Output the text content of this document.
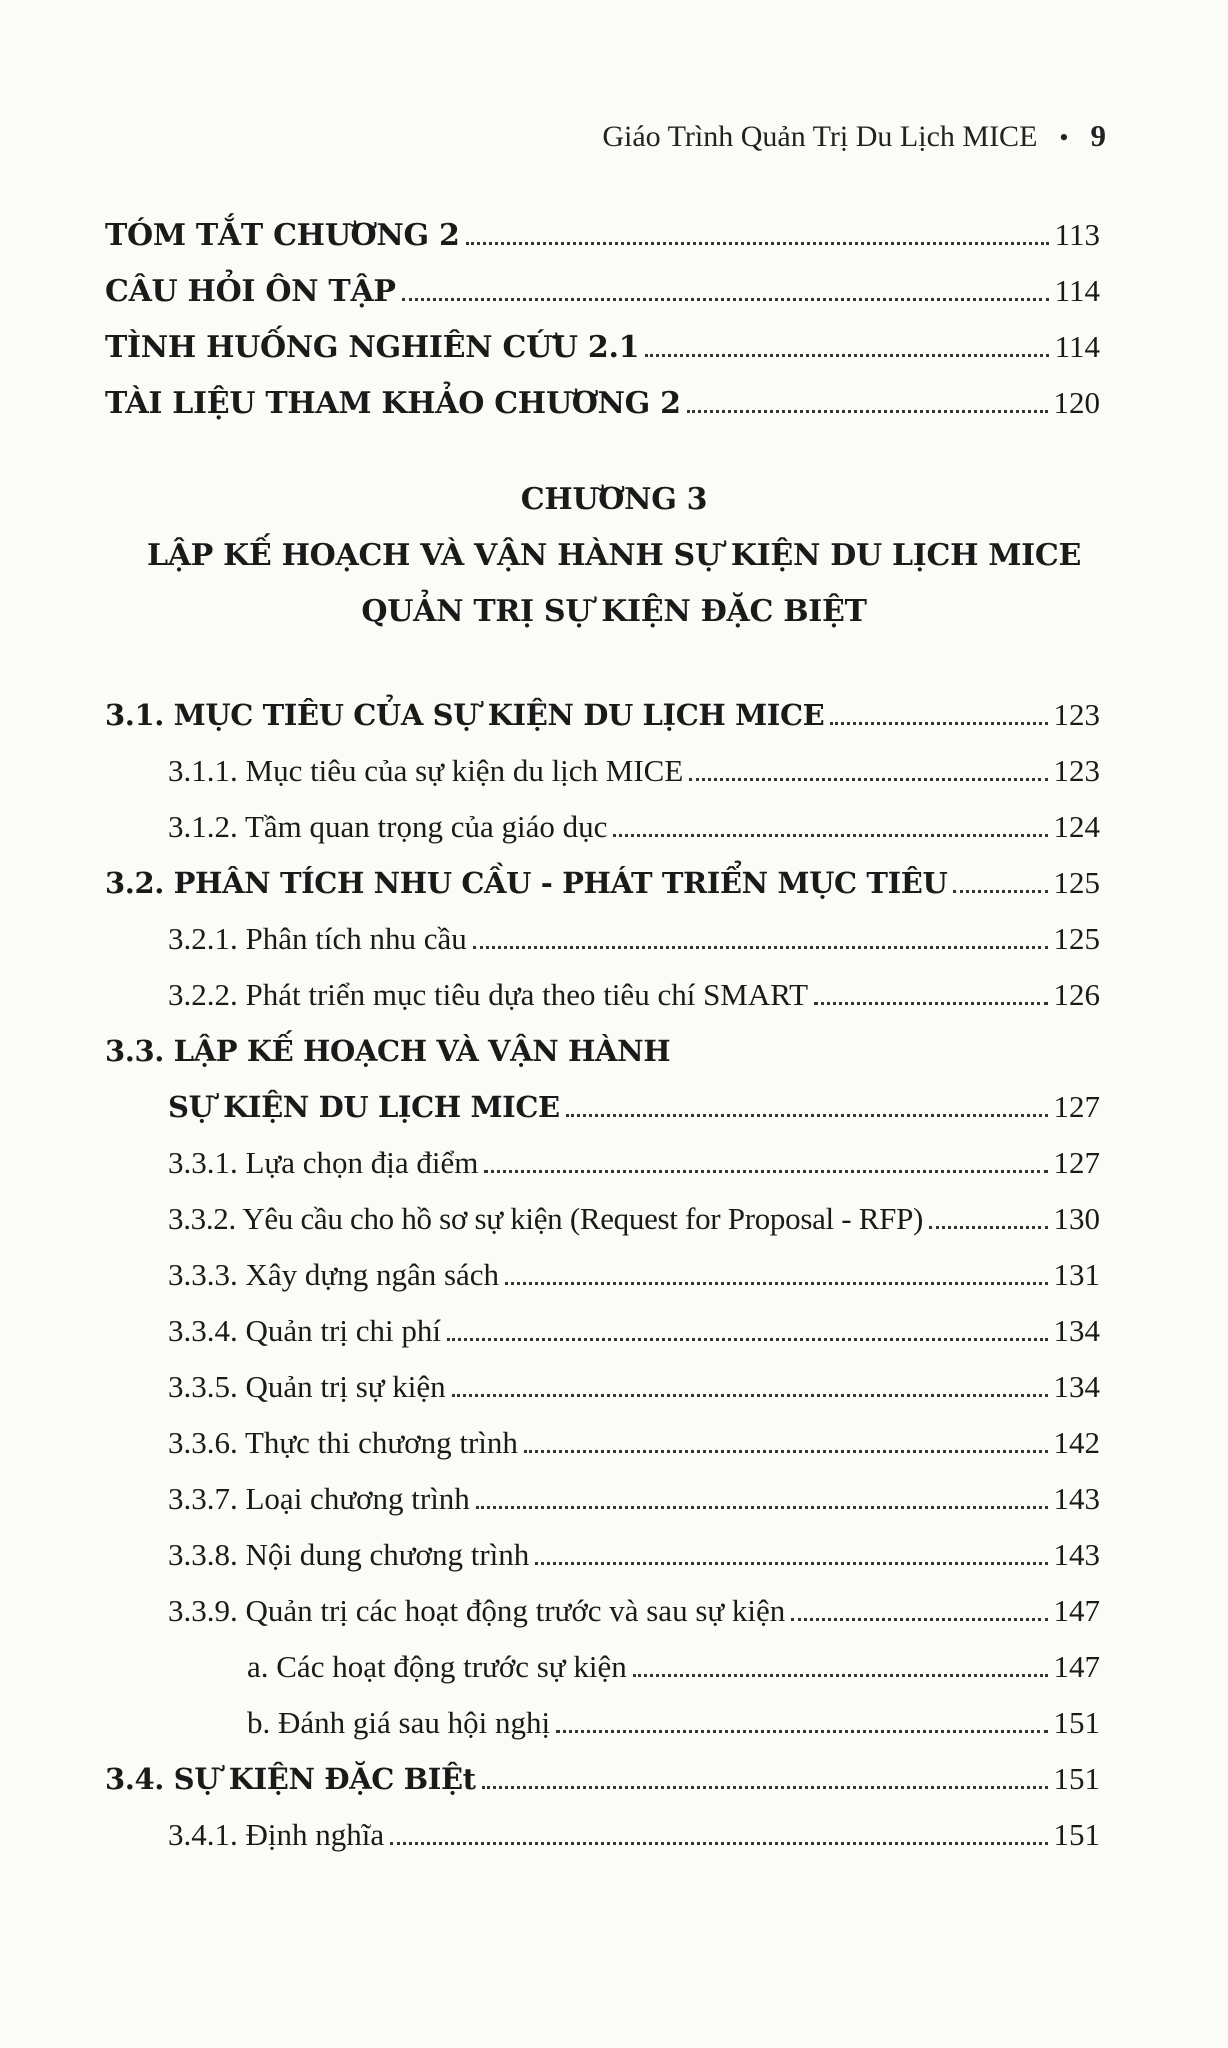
Giáo Trình Quản Trị Du Lịch MICE • 9
TÓM TẮT CHƯƠNG 2	113
CÂU HỎI ÔN TẬP	114
TÌNH HUỐNG NGHIÊN CỨU 2.1	114
TÀI LIỆU THAM KHẢO CHƯƠNG 2	120
CHƯƠNG 3
LẬP KẾ HOẠCH VÀ VẬN HÀNH SỰ KIỆN DU LỊCH MICE
QUẢN TRỊ SỰ KIỆN ĐẶC BIỆT
3.1. MỤC TIÊU CỦA SỰ KIỆN DU LỊCH MICE	123
3.1.1. Mục tiêu của sự kiện du lịch MICE	123
3.1.2. Tầm quan trọng của giáo dục	124
3.2. PHÂN TÍCH NHU CẦU - PHÁT TRIỂN MỤC TIÊU	125
3.2.1. Phân tích nhu cầu	125
3.2.2. Phát triển mục tiêu dựa theo tiêu chí SMART	126
3.3. LẬP KẾ HOẠCH VÀ VẬN HÀNH
SỰ KIỆN DU LỊCH MICE	127
3.3.1. Lựa chọn địa điểm	127
3.3.2. Yêu cầu cho hồ sơ sự kiện (Request for Proposal - RFP)	130
3.3.3. Xây dựng ngân sách	131
3.3.4. Quản trị chi phí	134
3.3.5. Quản trị sự kiện	134
3.3.6. Thực thi chương trình	142
3.3.7. Loại chương trình	143
3.3.8. Nội dung chương trình	143
3.3.9. Quản trị các hoạt động trước và sau sự kiện	147
a. Các hoạt động trước sự kiện	147
b. Đánh giá sau hội nghị	151
3.4. SỰ KIỆN ĐẶC BIỆt	151
3.4.1. Định nghĩa	151
